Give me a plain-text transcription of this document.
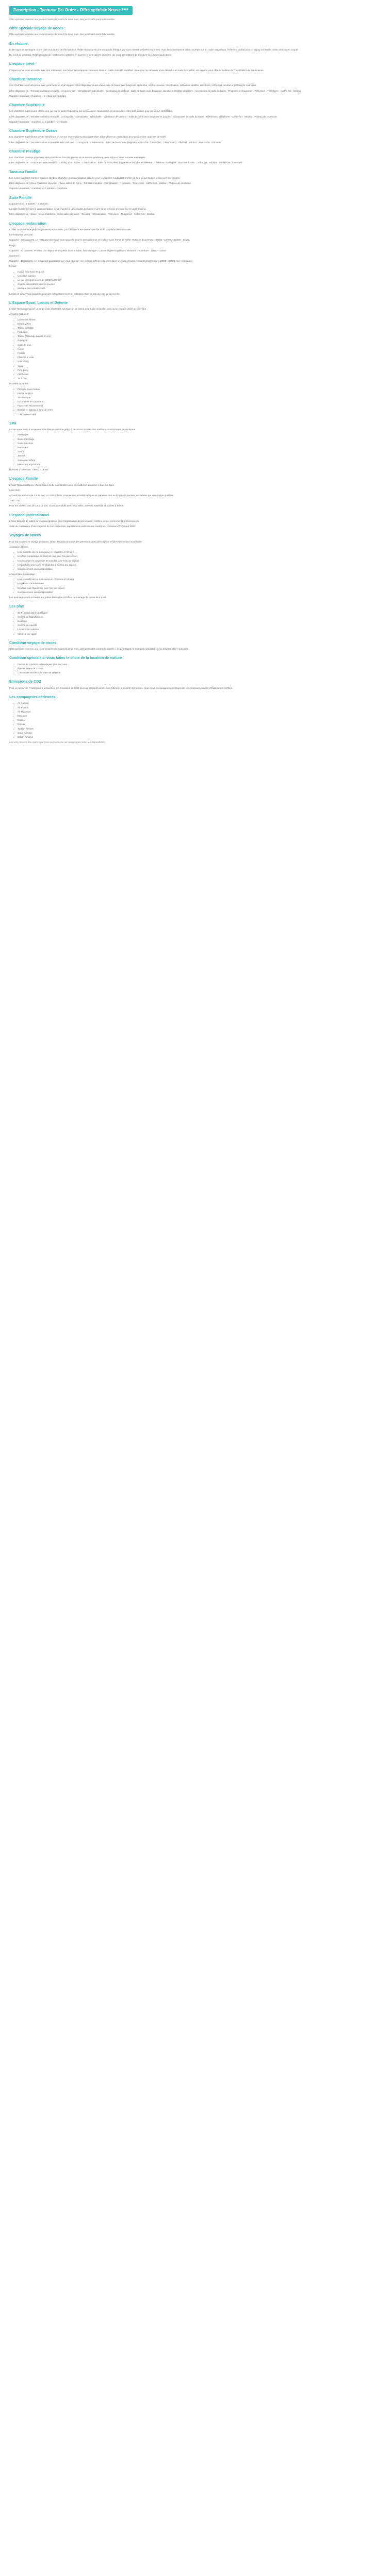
Description - Tanausu Eel Ordre - Offre spéciale Neuve ****

Offre spéciale reservée aux jeunes mariés de moins de deux mois, des justificatifs seront demandés.

Offre spéciale voyage de noces :

Offre spéciale reservée aux jeunes mariés de moins de deux mois, des justificatifs seront demandés.

En résumé

Entre lagon et montagne, sur le côté Sud Ouest de l'île Maurice, l'hôtel Tanausu est une escapade féerique qui vous réserve de belles surprises. Avec ses chambres et villas ouvertes sur un cadre magnifique, l'hôtel est parfait pour un séjour en famille, entre amis ou en couple.

Du lundi au vendredi, l'hôtel propose de nombreuses activités en journée et des soirées animées, qui vous permettront de découvrir la culture mauricienne.

L'espace privé

L'espace privé vous accueille avec son restaurant, son bar et ses espaces communs dans un cadre intimiste et raffiné. Idéal pour se retrouver et se détendre en toute tranquillité, cet espace vous offre le meilleur de l'hospitalité à la mauricienne.

Chambre Tamarine

Ces chambres sont décorées avec goût dans un style élégant. Elles disposent toutes d'une salle de bains avec baignoire et douche, sèche-cheveux, climatisation, télévision satellite, téléphone, coffre-fort, minibar et plateau de courtoisie.

Elles disposent de : Terrasse ou balcon meublé · Lit queen size · Climatisation individuelle · Ventilateur de plafond · Salle de bains avec baignoire, douche et toilettes séparées · Accessoires de salle de bains · Peignoirs et chaussons · Télévision · Téléphone · Coffre-fort · Minibar.

Capacité maximale : 2 adultes + 1 enfant ou 3 adultes.

Chambre Supérieure

Les chambres supérieures offrent une vue sur le jardin tropical ou sur la montagne. Spacieuses et lumineuses, elles sont idéales pour un séjour confortable.

Elles disposent de : Terrasse ou balcon meublé · Lit king size · Climatisation individuelle · Ventilateur de plafond · Salle de bains avec baignoire et douche · Accessoires de salle de bains · Télévision · Téléphone · Coffre-fort · Minibar · Plateau de courtoisie.

Capacité maximale : 3 adultes ou 2 adultes + 2 enfants.

Chambre Supérieure Océan

Les chambres supérieures océan bénéficient d'une vue imprenable sur l'océan Indien. Elles offrent un cadre idéal pour profiter des couchers de soleil.

Elles disposent de : Terrasse ou balcon meublé avec vue mer · Lit king size · Climatisation · Salle de bains avec baignoire et douche · Télévision · Téléphone · Coffre-fort · Minibar · Plateau de courtoisie.

Chambre Prestige

Les chambres prestige proposent des prestations haut de gamme et un espace généreux, avec salon privé et terrasse aménagée.

Elles disposent de : Grande terrasse meublée · Lit king size · Salon · Climatisation · Salle de bains avec baignoire et douche à l'italienne · Télévision écran plat · Machine à café · Coffre-fort · Minibar · Service de couverture.

Tanausu Famille

Les suites familiales sont composées de deux chambres communicantes, idéales pour les familles souhaitant profiter de leur séjour tout en préservant leur intimité.

Elles disposent de : Deux chambres séparées · Deux salles de bains · Terrasse meublée · Climatisation · Télévision · Téléphone · Coffre-fort · Minibar · Plateau de courtoisie.

Capacité maximale : 4 adultes ou 2 adultes + 3 enfants.

Suite Famille

Capacité max : 4 adultes + 2 enfants.

La suite famille comprend un grand salon, deux chambres, deux salles de bains et une large terrasse donnant sur le jardin tropical.

Elles disposent de : Salon · Deux chambres · Deux salles de bains · Terrasse · Climatisation · Télévision · Téléphone · Coffre-fort · Minibar.

L'espace restauration

L'hôtel Tanausu vous propose plusieurs restaurants pour découvrir les saveurs de l'île et de la cuisine internationale.

Le restaurant principal :

Capacité : 300 couverts. Le restaurant principal vous accueille pour le petit déjeuner et le dîner sous forme de buffet. Horaires d'ouverture : 07h00 - 10h00 et 19h00 - 22h00.

Plage :

Capacité : 80 couverts. Profitez d'un déjeuner les pieds dans le sable, face au lagon. Cuisine légère et grillades. Horaires d'ouverture : 12h00 - 15h00.

Gourmet :

Capacité : 40 couverts. Le restaurant gastronomique vous propose une cuisine raffinée à la carte dans un cadre élégant. Horaires d'ouverture : 19h00 - 22h00. Sur réservation.

Le bar :

• Happy hour tous les jours
• Cocktails maison
• Le bar principal ouvert de 10h00 à 00h00
• Snacks disponibles toute la journée
• Musique live certains soirs

Le bar de plage vous accueille pour des rafraîchissements et collations légères tout au long de la journée.

L'Espace Sport, Loisirs et Détente

L'hôtel Tanausu propose un large choix d'activités sportives et de loisirs pour toute la famille, ainsi qu'un espace dédié au bien-être.

Activités gratuites :

• Centre de fitness
• Beach volley
• Tennis de table
• Pétanque
• Tennis (éclairage payant le soir)
• Aquagym
• Salle de jeux
• Kayak
• Pédalo
• Planche à voile
• Snorkeling
• Yoga
• Ping-pong
• Fléchettes
• Tir à l'arc

Activités payantes :

• Plongée sous-marine
• Pêche au gros
• Ski nautique
• Excursions en catamaran
• Parachute ascensionnel
• Balade en bateau à fond de verre
• Golf (à proximité)
SPA

Le spa vous invite à un moment de détente absolue grâce à des soins inspirés des traditions mauriciennes et asiatiques.

• Massages
• Soins du visage
• Soins du corps
• Hammam
• Sauna
• Jacuzzi
• Salon de coiffure
• Manucure et pédicure

Horaires d'ouverture : 09h00 - 19h00

L'espace Famille

L'hôtel Tanausu dispose d'un espace dédié aux familles avec des activités adaptées à tous les âges.

Kids Club :

Accueil des enfants de 3 à 12 ans. Le club enfants propose des activités ludiques et créatives tout au long de la journée, encadrées par une équipe qualifiée.

Teen Club :

Pour les adolescents de 13 à 17 ans, un espace dédié avec jeux vidéo, activités sportives et soirées à thème.

L'espace professionnel

L'hôtel dispose de salles de réunion équipées pour l'organisation de séminaires, conférences et événements professionnels.

Salle de conférence d'une capacité de 150 personnes, équipements audiovisuels modernes, connexion Wi-Fi haut débit.

Voyages de Noces

Pour les couples en voyage de noces, l'hôtel Tanausu propose des attentions particulières pour rendre votre séjour inoubliable.

Avantages Noces :

• Une bouteille de vin mousseux en chambre à l'arrivée
• Un dîner romantique en bord de mer (une fois par séjour)
• Un massage en couple de 30 minutes (une fois par séjour)
• Un petit déjeuner servi en chambre (une fois par séjour)
• Surclassement selon disponibilité

Anniversaire de mariage :

• Une bouteille de vin mousseux en chambre à l'arrivée
• Un gâteau d'anniversaire
• Un dîner aux chandelles (une fois par séjour)
• Surclassement selon disponibilité

Les avantages sont accordés sur présentation d'un certificat de mariage de moins de 6 mois.

Les plus
• Wi-Fi gratuit dans tout l'hôtel
• Service de blanchisserie
• Boutique
• Service de navette
• Location de voitures
• Médecin sur appel
Condition voyage de noces

Offre spéciale réservée aux jeunes mariés de moins de deux mois, des justificatifs seront demandés. Les avantages ne sont pas cumulables avec d'autres offres spéciales.

Condition spéciale si vous faites le choix de la location de voiture
• Permis de conduire valide depuis plus de 2 ans
• Âge minimum de 23 ans
• Caution demandée à la prise du véhicule
Émissions de CO2

Pour un séjour de 7 nuits pour 2 personnes, les émissions de CO2 liées au transport aérien sont estimées à environ 3,2 tonnes. Nous vous encourageons à compenser ces émissions auprès d'organismes certifiés.

Les compagnies aériennes
• Air Austral
• Air France
• Air Mauritius
• Emirates
• Condor
• Corsair
• Turkish Airlines
• Qatar Airways
• British Airways

Les vols peuvent être opérés par l'une ou l'autre de ces compagnies selon les disponibilités.
